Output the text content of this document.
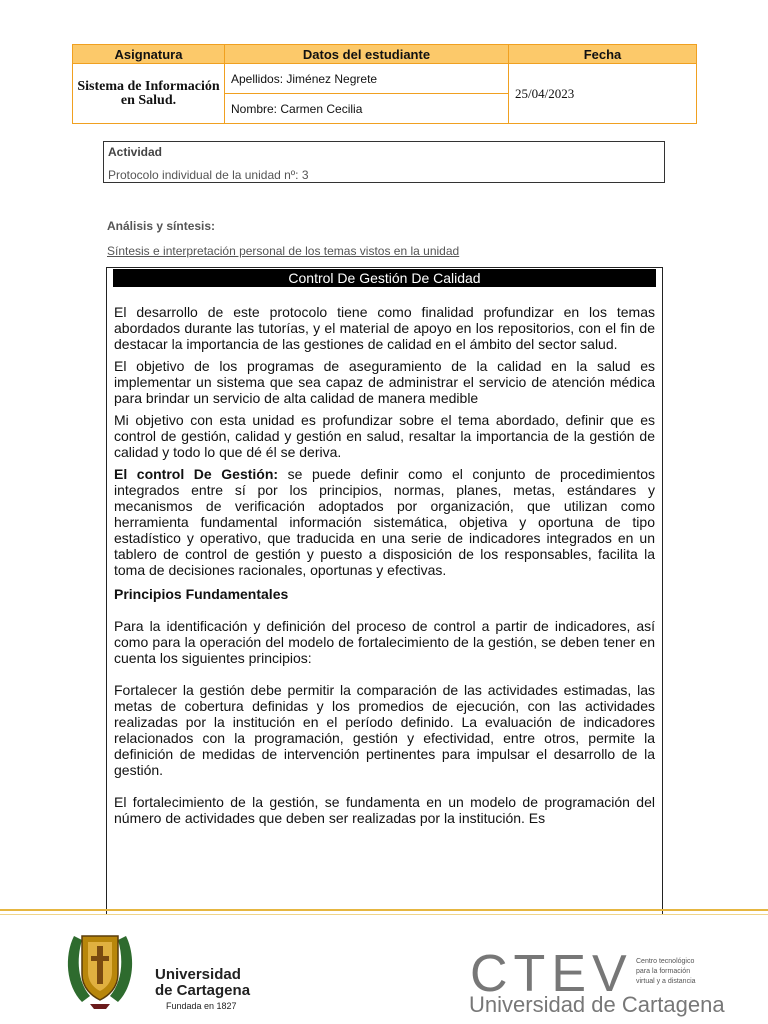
Asignatura	Datos del estudiante	Fecha
Sistema de Información en Salud.	Apellidos: Jiménez Negrete	25/04/2023
	Nombre: Carmen Cecilia	
Actividad
Protocolo individual de la unidad nº: 3
Análisis y síntesis:
Síntesis e interpretación personal de los temas vistos en la unidad
Control De Gestión De Calidad

El desarrollo de este protocolo tiene como finalidad profundizar en los temas abordados durante las tutorías, y el material de apoyo en los repositorios, con el fin de destacar la importancia de las gestiones de calidad en el ámbito del sector salud.

El objetivo de los programas de aseguramiento de la calidad en la salud es implementar un sistema que sea capaz de administrar el servicio de atención médica para brindar un servicio de alta calidad de manera medible

Mi objetivo con esta unidad es profundizar sobre el tema abordado, definir que es control de gestión, calidad y gestión en salud, resaltar la importancia de la gestión de calidad y todo lo que dé él se deriva.

El control De Gestión: se puede definir como el conjunto de procedimientos integrados entre sí por los principios, normas, planes, metas, estándares y mecanismos de verificación adoptados por organización, que utilizan como herramienta fundamental información sistemática, objetiva y oportuna de tipo estadístico y operativo, que traducida en una serie de indicadores integrados en un tablero de control de gestión y puesto a disposición de los responsables, facilita la toma de decisiones racionales, oportunas y efectivas.

Principios Fundamentales

Para la identificación y definición del proceso de control a partir de indicadores, así como para la operación del modelo de fortalecimiento de la gestión, se deben tener en cuenta los siguientes principios:

Fortalecer la gestión debe permitir la comparación de las actividades estimadas, las metas de cobertura definidas y los promedios de ejecución, con las actividades realizadas por la institución en el período definido. La evaluación de indicadores relacionados con la programación, gestión y efectividad, entre otros, permite la definición de medidas de intervención pertinentes para impulsar el desarrollo de la gestión.

El fortalecimiento de la gestión, se fundamenta en un modelo de programación del número de actividades que deben ser realizadas por la institución. Es

Universidad
de Cartagena
Fundada en 1827
CTEV Centro tecnológico
para la formación
virtual y a distancia
Universidad de Cartagena
